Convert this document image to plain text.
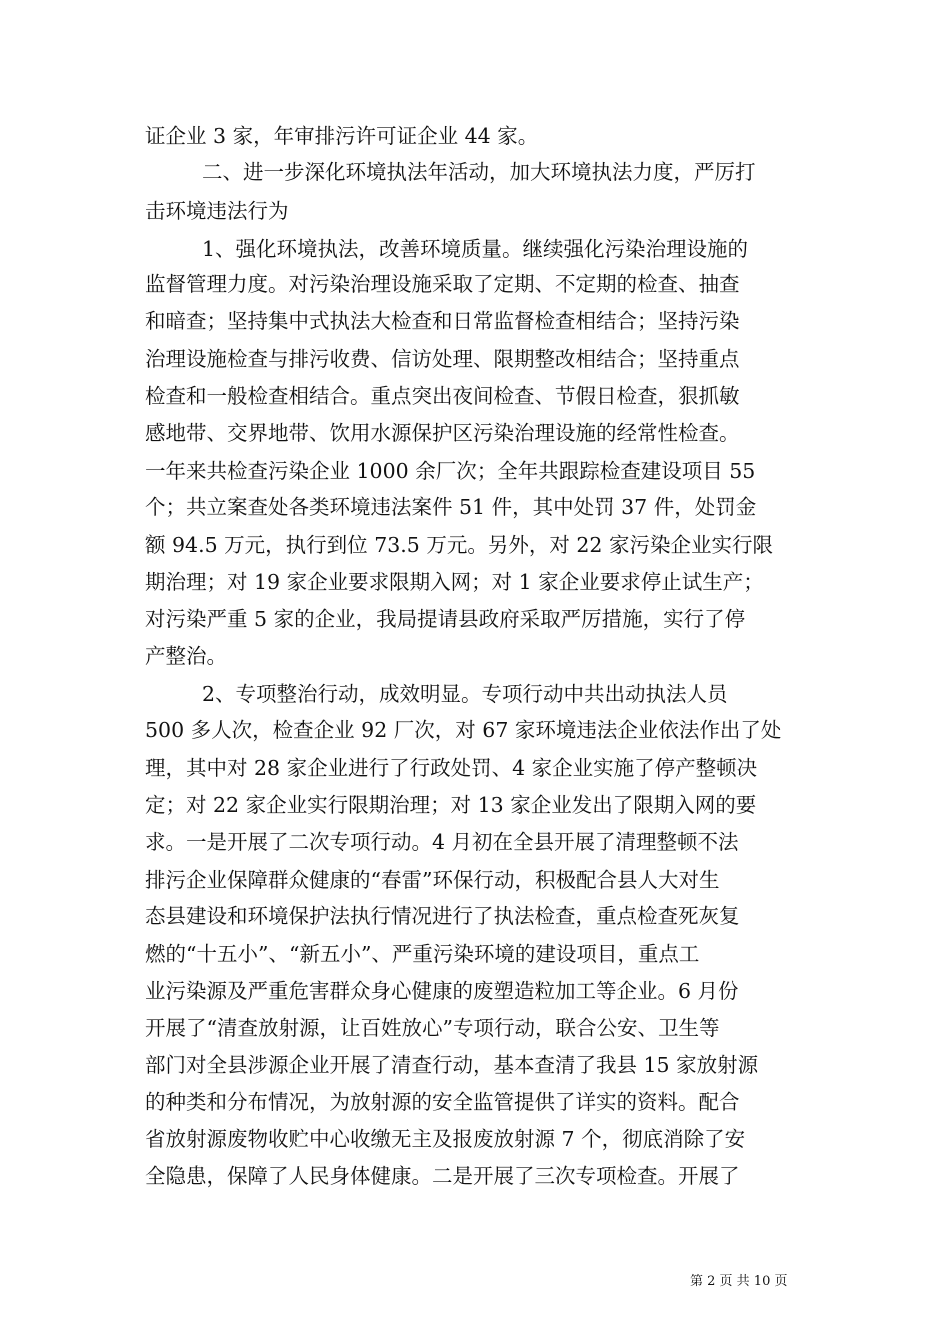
证企业 3 家，年审排污许可证企业 44 家。
二、进一步深化环境执法年活动，加大环境执法力度，严厉打
击环境违法行为
1、强化环境执法，改善环境质量。继续强化污染治理设施的
监督管理力度。对污染治理设施采取了定期、不定期的检查、抽查
和暗查；坚持集中式执法大检查和日常监督检查相结合；坚持污染
治理设施检查与排污收费、信访处理、限期整改相结合；坚持重点
检查和一般检查相结合。重点突出夜间检查、节假日检查，狠抓敏
感地带、交界地带、饮用水源保护区污染治理设施的经常性检查。
一年来共检查污染企业 1000 余厂次；全年共跟踪检查建设项目 55
个；共立案查处各类环境违法案件 51 件，其中处罚 37 件，处罚金
额 94.5 万元，执行到位 73.5 万元。另外，对 22 家污染企业实行限
期治理；对 19 家企业要求限期入网；对 1 家企业要求停止试生产；
对污染严重 5 家的企业，我局提请县政府采取严厉措施，实行了停
产整治。
2、专项整治行动，成效明显。专项行动中共出动执法人员
500 多人次，检查企业 92 厂次，对 67 家环境违法企业依法作出了处
理，其中对 28 家企业进行了行政处罚、4 家企业实施了停产整顿决
定；对 22 家企业实行限期治理；对 13 家企业发出了限期入网的要
求。一是开展了二次专项行动。4 月初在全县开展了清理整顿不法
排污企业保障群众健康的“春雷”环保行动，积极配合县人大对生
态县建设和环境保护法执行情况进行了执法检查，重点检查死灰复
燃的“十五小”、“新五小”、严重污染环境的建设项目，重点工
业污染源及严重危害群众身心健康的废塑造粒加工等企业。6 月份
开展了“清查放射源，让百姓放心”专项行动，联合公安、卫生等
部门对全县涉源企业开展了清查行动，基本查清了我县 15 家放射源
的种类和分布情况，为放射源的安全监管提供了详实的资料。配合
省放射源废物收贮中心收缴无主及报废放射源 7 个，彻底消除了安
全隐患，保障了人民身体健康。二是开展了三次专项检查。开展了
第 2 页 共 10 页
